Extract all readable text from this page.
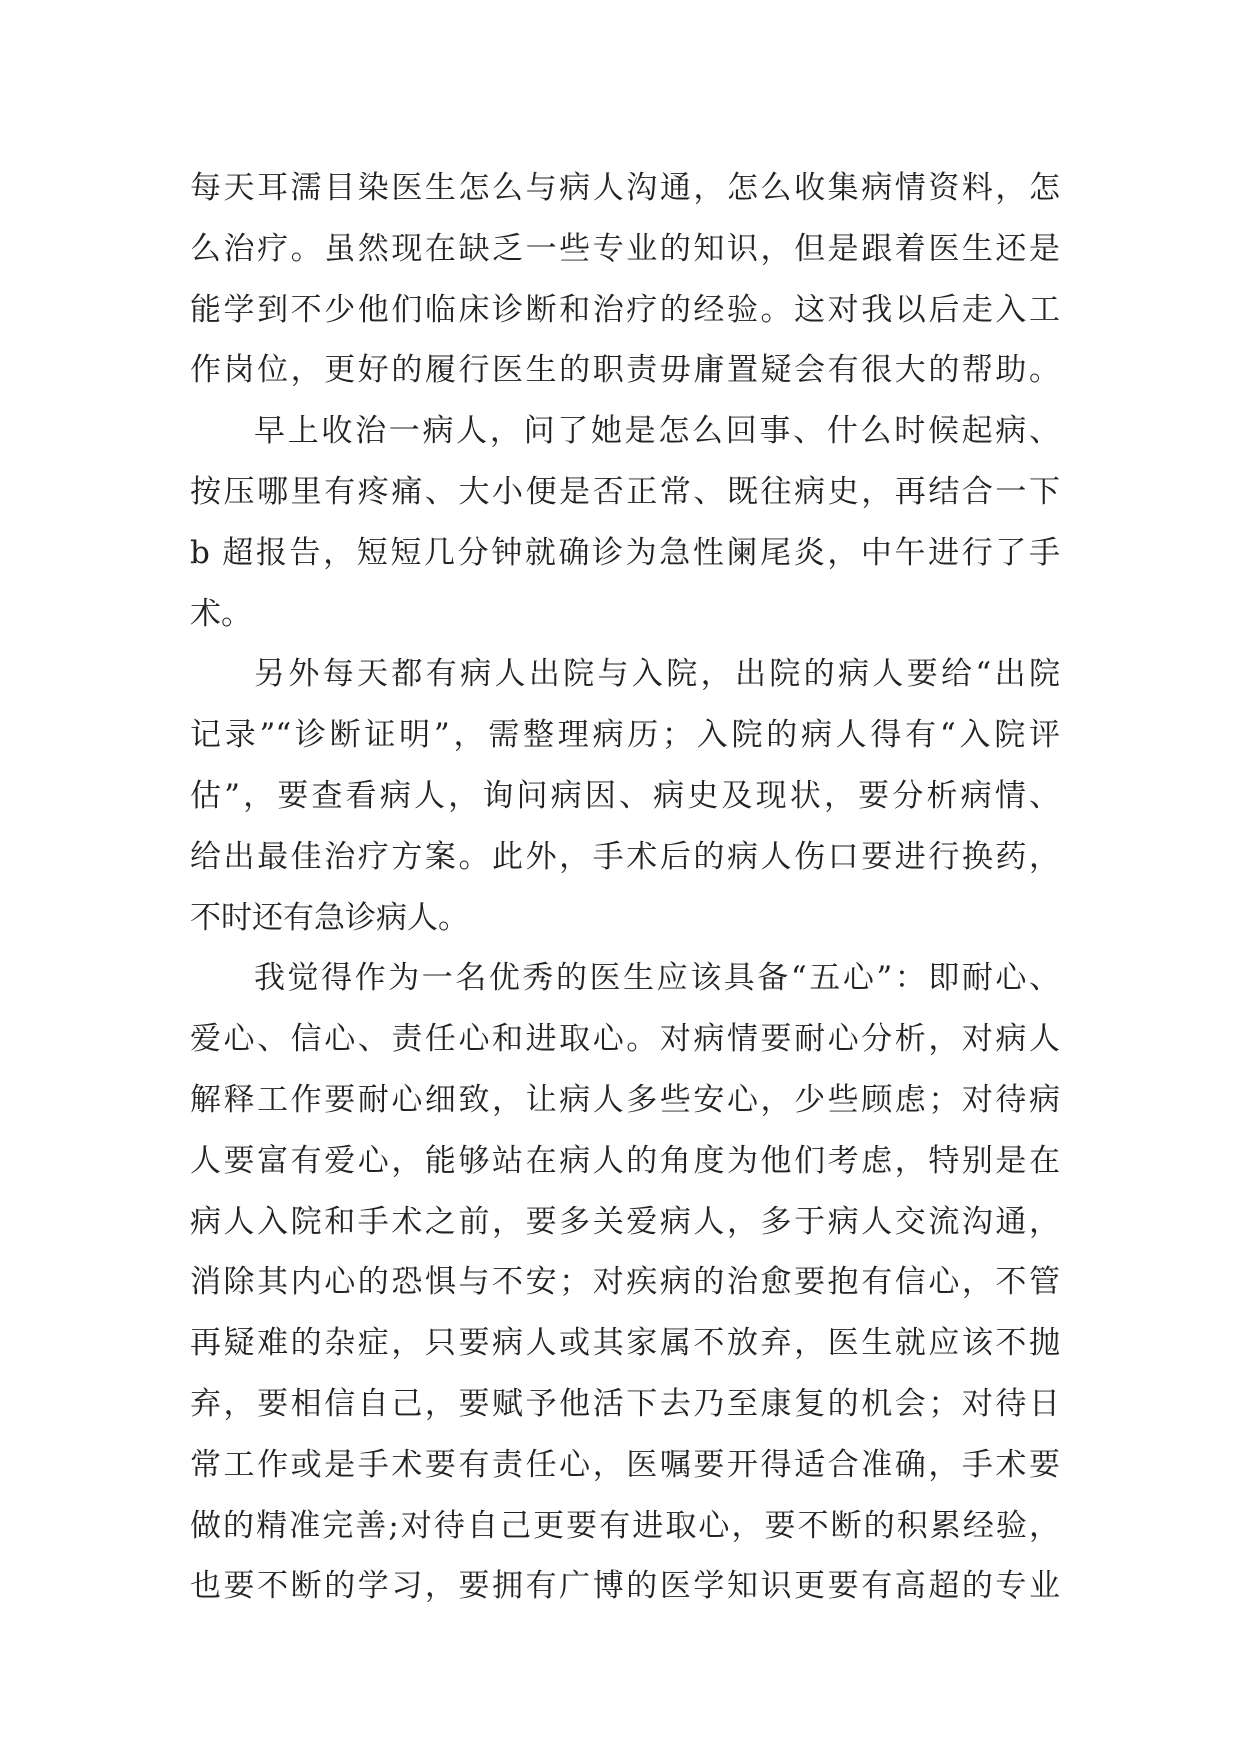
每天耳濡目染医生怎么与病人沟通，怎么收集病情资料，怎
么治疗。虽然现在缺乏一些专业的知识，但是跟着医生还是
能学到不少他们临床诊断和治疗的经验。这对我以后走入工
作岗位，更好的履行医生的职责毋庸置疑会有很大的帮助。
早上收治一病人，问了她是怎么回事、什么时候起病、
按压哪里有疼痛、大小便是否正常、既往病史，再结合一下
b 超报告，短短几分钟就确诊为急性阑尾炎，中午进行了手
术。
另外每天都有病人出院与入院，出院的病人要给“出院
记录”“诊断证明”，需整理病历；入院的病人得有“入院评
估”，要查看病人，询问病因、病史及现状，要分析病情、
给出最佳治疗方案。此外，手术后的病人伤口要进行换药，
不时还有急诊病人。
我觉得作为一名优秀的医生应该具备“五心”：即耐心、
爱心、信心、责任心和进取心。对病情要耐心分析，对病人
解释工作要耐心细致，让病人多些安心，少些顾虑；对待病
人要富有爱心，能够站在病人的角度为他们考虑，特别是在
病人入院和手术之前，要多关爱病人，多于病人交流沟通，
消除其内心的恐惧与不安；对疾病的治愈要抱有信心，不管
再疑难的杂症，只要病人或其家属不放弃，医生就应该不抛
弃，要相信自己，要赋予他活下去乃至康复的机会；对待日
常工作或是手术要有责任心，医嘱要开得适合准确，手术要
做的精准完善;对待自己更要有进取心，要不断的积累经验，
也要不断的学习，要拥有广博的医学知识更要有高超的专业
